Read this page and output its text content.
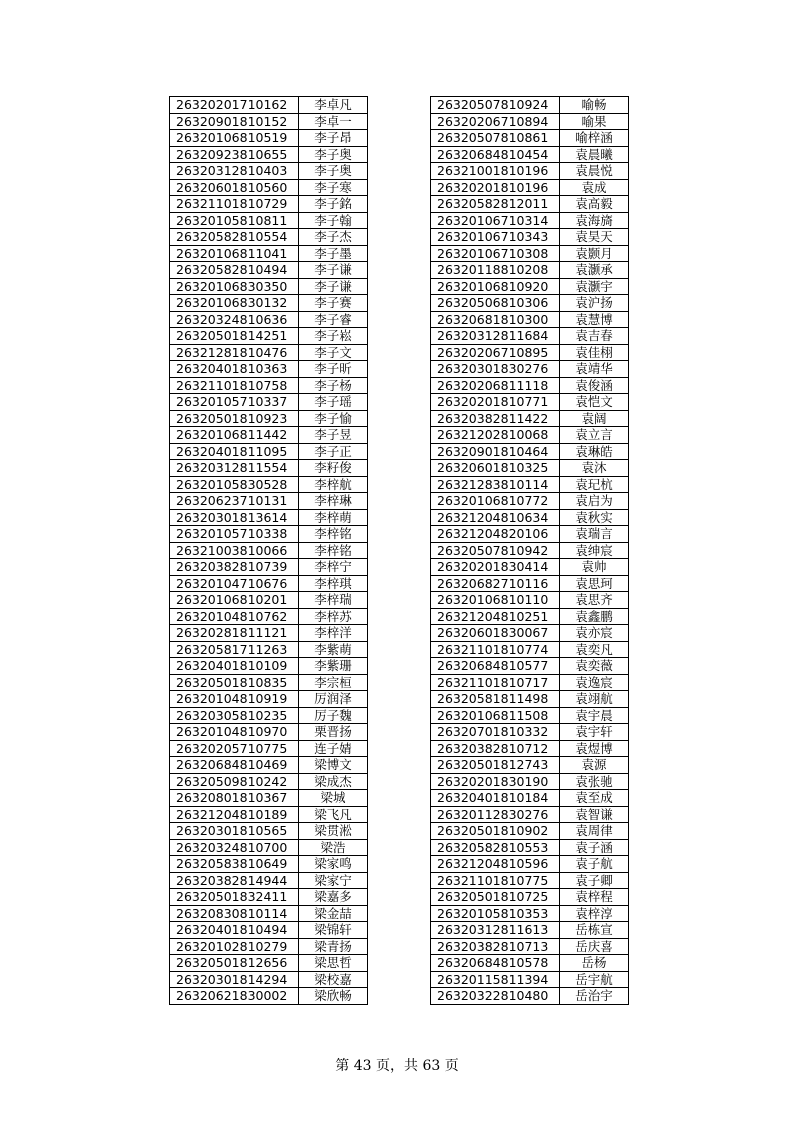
26320201710162	李卓凡
26320901810152	李卓一
26320106810519	李子昂
26320923810655	李子奥
26320312810403	李子奥
26320601810560	李子寒
26321101810729	李子銘
26320105810811	李子翰
26320582810554	李子杰
26320106811041	李子墨
26320582810494	李子谦
26320106830350	李子谦
26320106830132	李子赛
26320324810636	李子睿
26320501814251	李子崧
26321281810476	李子文
26320401810363	李子昕
26321101810758	李子杨
26320105710337	李子瑶
26320501810923	李子愉
26320106811442	李子昱
26320401811095	李子正
26320312811554	李籽俊
26320105830528	李梓航
26320623710131	李梓琳
26320301813614	李梓萌
26320105710338	李梓铭
26321003810066	李梓铭
26320382810739	李梓宁
26320104710676	李梓琪
26320106810201	李梓瑞
26320104810762	李梓苏
26320281811121	李梓洋
26320581711263	李紫萌
26320401810109	李紫珊
26320501810835	李宗桓
26320104810919	厉润泽
26320305810235	厉子魏
26320104810970	栗晋扬
26320205710775	连子婧
26320684810469	梁博文
26320509810242	梁成杰
26320801810367	梁城
26321204810189	梁飞凡
26320301810565	梁贯淞
26320324810700	梁浩
26320583810649	梁家鸣
26320382814944	梁家宁
26320501832411	梁嘉多
26320830810114	梁金喆
26320401810494	梁锦轩
26320102810279	梁青扬
26320501812656	梁思哲
26320301814294	梁校嘉
26320621830002	梁欣畅
26320507810924	喻畅
26320206710894	喻果
26320507810861	喻梓涵
26320684810454	袁晨曦
26321001810196	袁晨悦
26320201810196	袁成
26320582812011	袁高毅
26320106710314	袁海旖
26320106710343	袁昊天
26320106710308	袁颢月
26320118810208	袁灏承
26320106810920	袁灏宇
26320506810306	袁沪扬
26320681810300	袁慧博
26320312811684	袁吉春
26320206710895	袁佳栩
26320301830276	袁靖华
26320206811118	袁俊涵
26320201810771	袁恺文
26320382811422	袁阔
26321202810068	袁立言
26320901810464	袁琳皓
26320601810325	袁沐
26321283810114	袁玘杭
26320106810772	袁启为
26321204810634	袁秋实
26321204820106	袁瑞言
26320507810942	袁绅宸
26320201830414	袁帅
26320682710116	袁思珂
26320106810110	袁思齐
26321204810251	袁鑫鹏
26320601830067	袁亦宸
26321101810774	袁奕凡
26320684810577	袁奕薇
26321101810717	袁逸宸
26320581811498	袁翊航
26320106811508	袁宇晨
26320701810332	袁宇轩
26320382810712	袁煜博
26320501812743	袁源
26320201830190	袁张驰
26320401810184	袁至成
26320112830276	袁智谦
26320501810902	袁周律
26320582810553	袁子涵
26321204810596	袁子航
26321101810775	袁子卿
26320501810725	袁梓程
26320105810353	袁梓淳
26320312811613	岳栋宣
26320382810713	岳庆喜
26320684810578	岳杨
26320115811394	岳宇航
26320322810480	岳治宇
第 43 页，共 63 页
